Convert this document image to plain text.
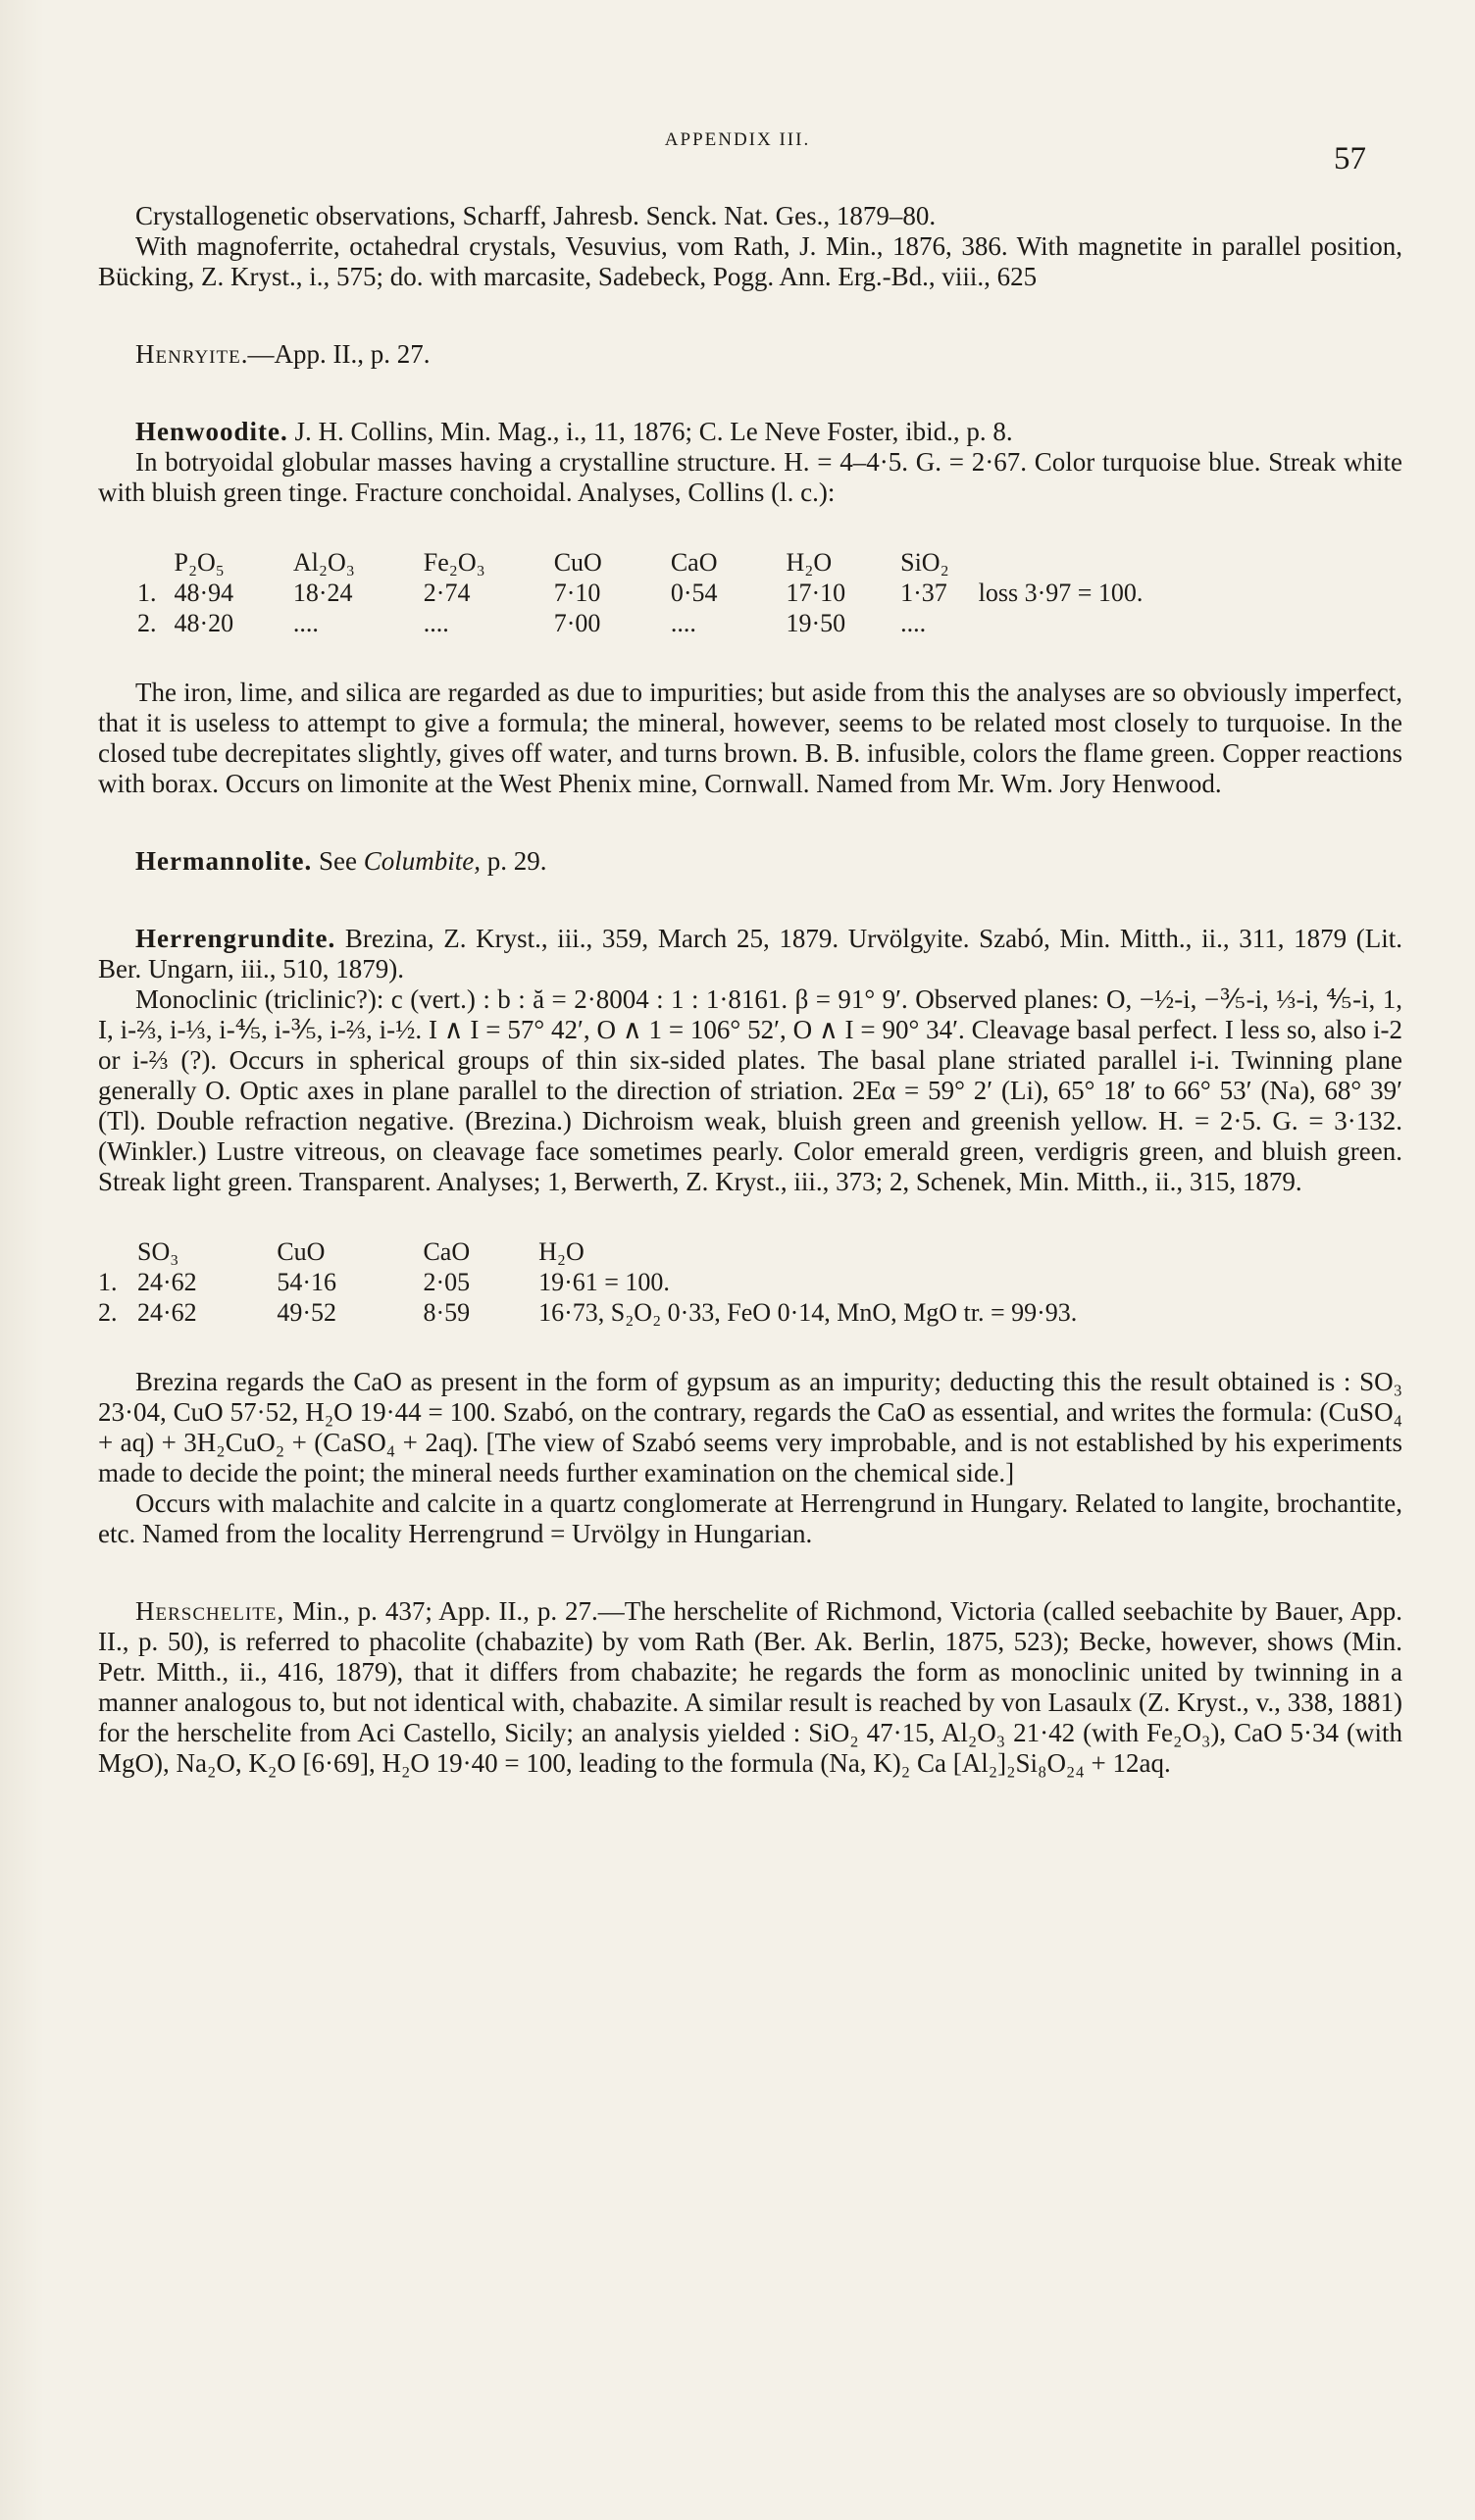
APPENDIX III.
57

Crystallogenetic observations, Scharff, Jahresb. Senck. Nat. Ges., 1879–80.

With magnoferrite, octahedral crystals, Vesuvius, vom Rath, J. Min., 1876, 386. With magnetite in parallel position, Bücking, Z. Kryst., i., 575; do. with marcasite, Sadebeck, Pogg. Ann. Erg.-Bd., viii., 625

Henryite.—App. II., p. 27.

Henwoodite. J. H. Collins, Min. Mag., i., 11, 1876; C. Le Neve Foster, ibid., p. 8.

In botryoidal globular masses having a crystalline structure. H. = 4–4·5. G. = 2·67. Color turquoise blue. Streak white with bluish green tinge. Fracture conchoidal. Analyses, Collins (l. c.):

	P₂O₅	Al₂O₃	Fe₂O₃	CuO	CaO	H₂O	SiO₂	
1.	48·94	18·24	2·74	7·10	0·54	17·10	1·37	loss 3·97 = 100.
2.	48·20	....	....	7·00	....	19·50	....	

The iron, lime, and silica are regarded as due to impurities; but aside from this the analyses are so obviously imperfect, that it is useless to attempt to give a formula; the mineral, however, seems to be related most closely to turquoise. In the closed tube decrepitates slightly, gives off water, and turns brown. B. B. infusible, colors the flame green. Copper reactions with borax. Occurs on limonite at the West Phenix mine, Cornwall. Named from Mr. Wm. Jory Henwood.

Hermannolite. See Columbite, p. 29.

Herrengrundite. Brezina, Z. Kryst., iii., 359, March 25, 1879. Urvölgyite. Szabó, Min. Mitth., ii., 311, 1879 (Lit. Ber. Ungarn, iii., 510, 1879).

Monoclinic (triclinic?): c (vert.) : b : ă = 2·8004 : 1 : 1·8161. β = 91° 9′. Observed planes: O, −½-i, −⅗-i, ⅓-i, ⅘-i, 1, I, i-⅔, i-⅓, i-⅘, i-⅗, i-⅔, i-½. I ∧ I = 57° 42′, O ∧ 1 = 106° 52′, O ∧ I = 90° 34′. Cleavage basal perfect. I less so, also i-2 or i-⅔ (?). Occurs in spherical groups of thin six-sided plates. The basal plane striated parallel i-i. Twinning plane generally O. Optic axes in plane parallel to the direction of striation. 2Eα = 59° 2′ (Li), 65° 18′ to 66° 53′ (Na), 68° 39′ (Tl). Double refraction negative. (Brezina.) Dichroism weak, bluish green and greenish yellow. H. = 2·5. G. = 3·132. (Winkler.) Lustre vitreous, on cleavage face sometimes pearly. Color emerald green, verdigris green, and bluish green. Streak light green. Transparent. Analyses; 1, Berwerth, Z. Kryst., iii., 373; 2, Schenek, Min. Mitth., ii., 315, 1879.

	SO₃	CuO	CaO	H₂O
1.	24·62	54·16	2·05	19·61 = 100.
2.	24·62	49·52	8·59	16·73, S₂O₂ 0·33, FeO 0·14, MnO, MgO tr. = 99·93.

Brezina regards the CaO as present in the form of gypsum as an impurity; deducting this the result obtained is : SO₃ 23·04, CuO 57·52, H₂O 19·44 = 100. Szabó, on the contrary, regards the CaO as essential, and writes the formula: (CuSO₄ + aq) + 3H₂CuO₂ + (CaSO₄ + 2aq). [The view of Szabó seems very improbable, and is not established by his experiments made to decide the point; the mineral needs further examination on the chemical side.]

Occurs with malachite and calcite in a quartz conglomerate at Herrengrund in Hungary. Related to langite, brochantite, etc. Named from the locality Herrengrund = Urvölgy in Hungarian.

Herschelite, Min., p. 437; App. II., p. 27.—The herschelite of Richmond, Victoria (called seebachite by Bauer, App. II., p. 50), is referred to phacolite (chabazite) by vom Rath (Ber. Ak. Berlin, 1875, 523); Becke, however, shows (Min. Petr. Mitth., ii., 416, 1879), that it differs from chabazite; he regards the form as monoclinic united by twinning in a manner analogous to, but not identical with, chabazite. A similar result is reached by von Lasaulx (Z. Kryst., v., 338, 1881) for the herschelite from Aci Castello, Sicily; an analysis yielded : SiO₂ 47·15, Al₂O₃ 21·42 (with Fe₂O₃), CaO 5·34 (with MgO), Na₂O, K₂O [6·69], H₂O 19·40 = 100, leading to the formula (Na, K)₂ Ca [Al₂]₂Si₈O₂₄ + 12aq.
